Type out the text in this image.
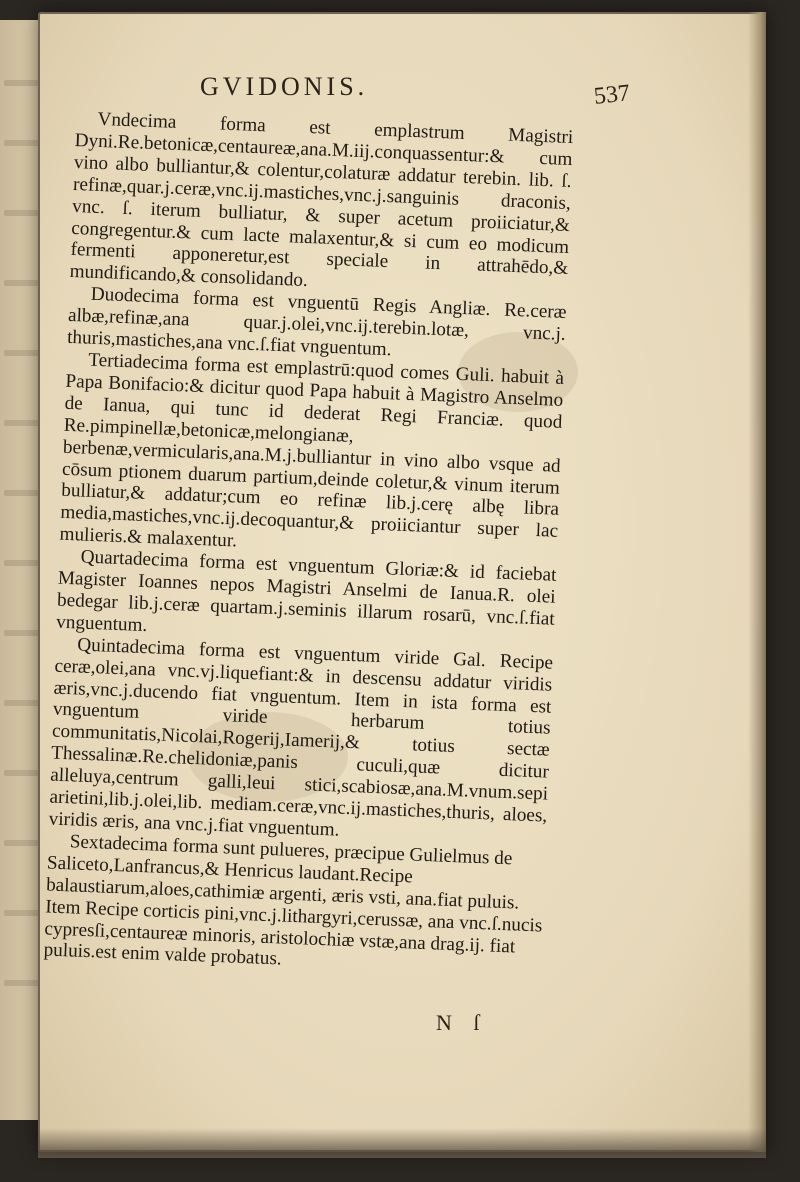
GVIDONIS.	537

Vndecima forma est emplastrum Magistri Dyni.Re.betonicæ,centaureæ,ana.M.iij.conquassentur:& cum vino albo bulliantur,& colentur,colaturæ addatur terebin. lib. ſ. refinæ,quar.j.ceræ,vnc.ij.mastiches,vnc.j.sanguinis draconis, vnc. ſ. iterum bulliatur, & super acetum proiiciatur,& congregentur.& cum lacte malaxentur,& si cum eo modicum fermenti apponeretur,est speciale in attrahēdo,& mundificando,& consolidando.

Duodecima forma est vnguentū Regis Angliæ. Re.ceræ albæ,refinæ,ana quar.j.olei,vnc.ij.terebin.lotæ, vnc.j. thuris,mastiches,ana vnc.ſ.fiat vnguentum.

Tertiadecima forma est emplastrū:quod comes Guli. habuit à Papa Bonifacio:& dicitur quod Papa habuit à Magistro Anselmo de Ianua, qui tunc id dederat Regi Franciæ. quod Re.pimpinellæ,betonicæ,melongianæ, berbenæ,vermicularis,ana.M.j.bulliantur in vino albo vsque ad cōsum ptionem duarum partium,deinde coletur,& vinum iterum bulliatur,& addatur;cum eo refinæ lib.j.cerę albę libra media,mastiches,vnc.ij.decoquantur,& proiiciantur super lac mulieris.& malaxentur.

Quartadecima forma est vnguentum Gloriæ:& id faciebat Magister Ioannes nepos Magistri Anselmi de Ianua.R. olei bedegar lib.j.ceræ quartam.j.seminis illarum rosarū, vnc.ſ.fiat vnguentum.

Quintadecima forma est vnguentum viride Gal. Recipe ceræ,olei,ana vnc.vj.liquefiant:& in descensu addatur viridis æris,vnc.j.ducendo fiat vnguentum. Item in ista forma est vnguentum viride herbarum totius communitatis,Nicolai,Rogerij,Iamerij,& totius sectæ Thessalinæ.Re.chelidoniæ,panis cuculi,quæ dicitur alleluya,centrum galli,leui stici,scabiosæ,ana.M.vnum.sepi arietini,lib.j.olei,lib. mediam.ceræ,vnc.ij.mastiches,thuris, aloes, viridis æris, ana vnc.j.fiat vnguentum.

Sextadecima forma sunt pulueres, præcipue Gulielmus de Saliceto,Lanfrancus,& Henricus laudant.Recipe balaustiarum,aloes,cathimiæ argenti, æris vsti, ana.fiat puluis. Item Recipe corticis pini,vnc.j.lithargyri,cerussæ, ana vnc.ſ.nucis cypresſi,centaureæ minoris, aristolochiæ vstæ,ana drag.ij. fiat puluis.est enim valde probatus.

N ſ
